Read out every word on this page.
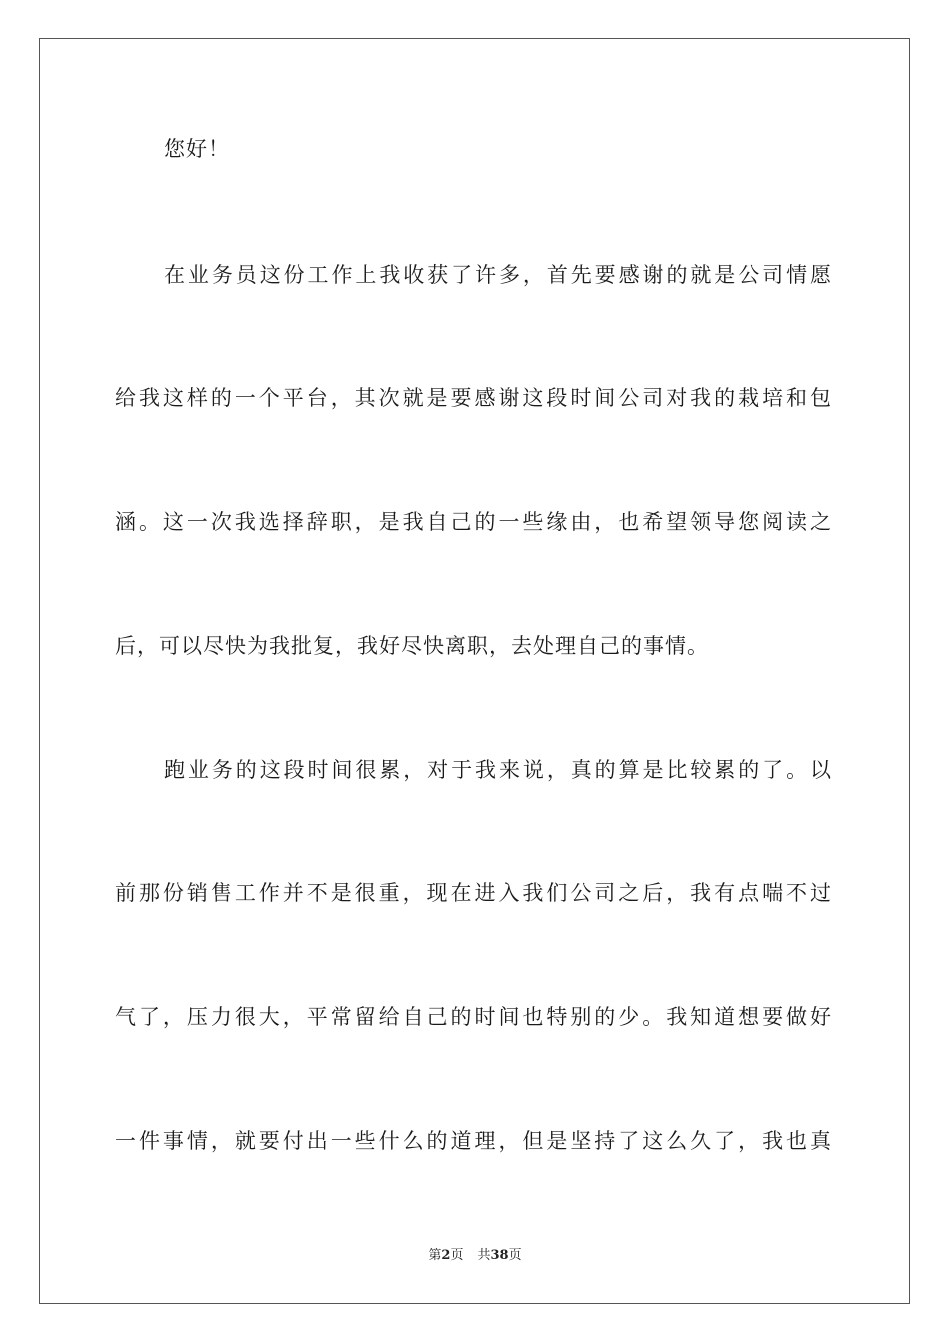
您好！
在业务员这份工作上我收获了许多，首先要感谢的就是公司情愿
给我这样的一个平台，其次就是要感谢这段时间公司对我的栽培和包
涵。这一次我选择辞职，是我自己的一些缘由，也希望领导您阅读之
后，可以尽快为我批复，我好尽快离职，去处理自己的事情。
跑业务的这段时间很累，对于我来说，真的算是比较累的了。以
前那份销售工作并不是很重，现在进入我们公司之后，我有点喘不过
气了，压力很大，平常留给自己的时间也特别的少。我知道想要做好
一件事情，就要付出一些什么的道理，但是坚持了这么久了，我也真
第2页 共38页
